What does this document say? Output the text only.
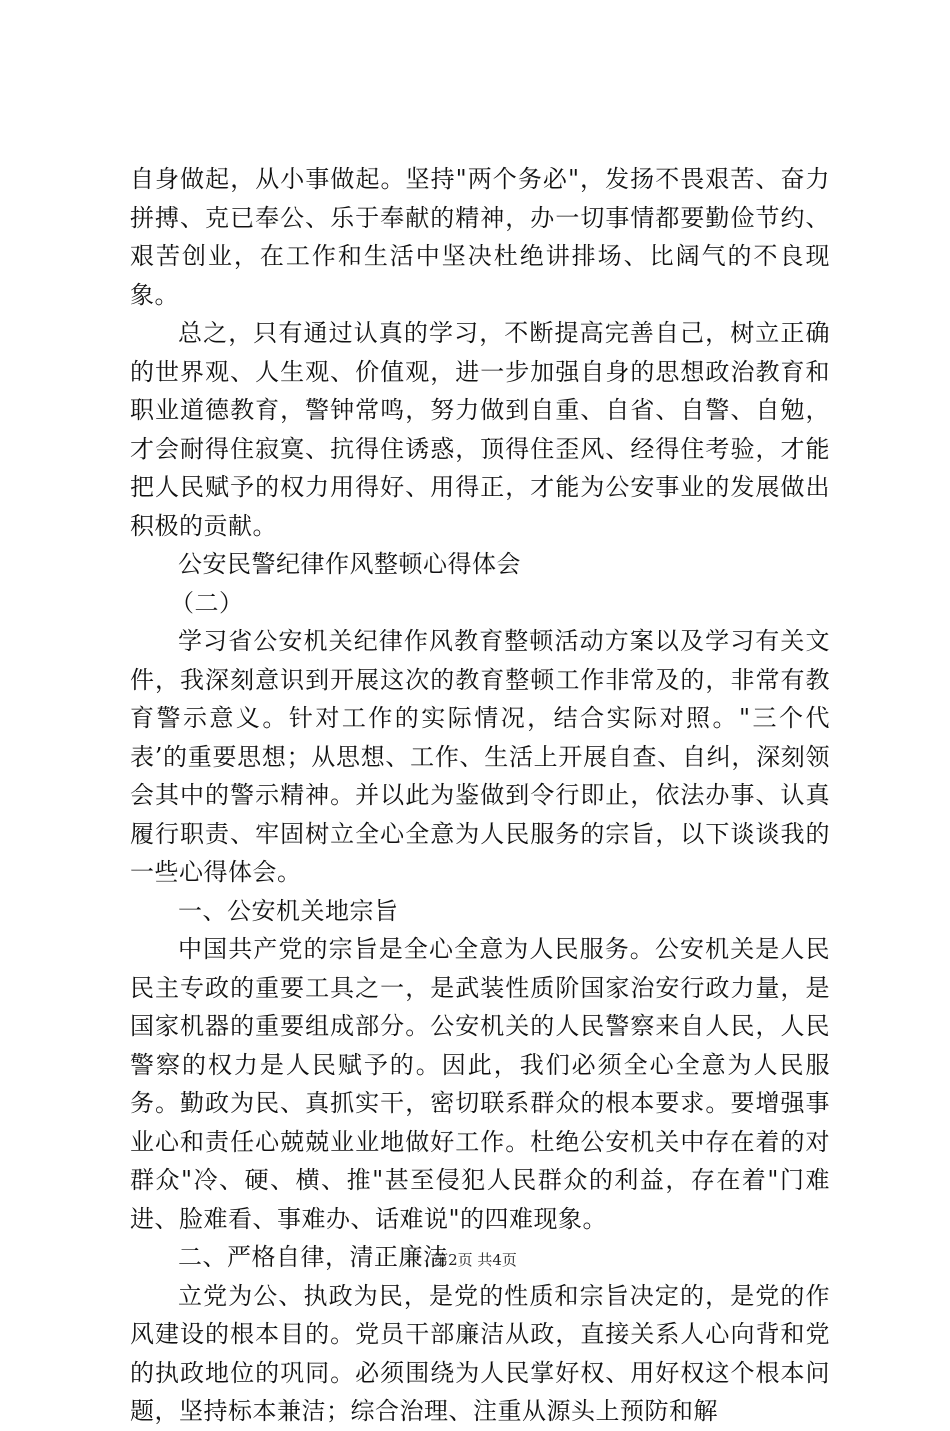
自身做起，从小事做起。坚持"两个务必"，发扬不畏艰苦、奋力拼搏、克已奉公、乐于奉献的精神，办一切事情都要勤俭节约、艰苦创业，在工作和生活中坚决杜绝讲排场、比阔气的不良现象。

总之，只有通过认真的学习，不断提高完善自己，树立正确的世界观、人生观、价值观，进一步加强自身的思想政治教育和职业道德教育，警钟常鸣，努力做到自重、自省、自警、自勉，才会耐得住寂寞、抗得住诱惑，顶得住歪风、经得住考验，才能把人民赋予的权力用得好、用得正，才能为公安事业的发展做出积极的贡献。

公安民警纪律作风整顿心得体会

（二）

学习省公安机关纪律作风教育整顿活动方案以及学习有关文件，我深刻意识到开展这次的教育整顿工作非常及的，非常有教育警示意义。针对工作的实际情况，结合实际对照。"三个代表’的重要思想；从思想、工作、生活上开展自查、自纠，深刻领会其中的警示精神。并以此为鉴做到令行即止，依法办事、认真履行职责、牢固树立全心全意为人民服务的宗旨，以下谈谈我的一些心得体会。

一、公安机关地宗旨

中国共产党的宗旨是全心全意为人民服务。公安机关是人民民主专政的重要工具之一，是武装性质阶国家治安行政力量，是国家机器的重要组成部分。公安机关的人民警察来自人民，人民警察的权力是人民赋予的。因此，我们必须全心全意为人民服务。勤政为民、真抓实干，密切联系群众的根本要求。要增强事业心和责任心兢兢业业地做好工作。杜绝公安机关中存在着的对群众"冷、硬、横、推"甚至侵犯人民群众的利益，存在着"门难进、脸难看、事难办、话难说"的四难现象。

二、严格自律，清正廉洁

立党为公、执政为民，是党的性质和宗旨决定的，是党的作风建设的根本目的。党员干部廉洁从政，直接关系人心向背和党的执政地位的巩同。必须围绕为人民掌好权、用好权这个根本问题，坚持标本兼洁；综合治理、注重从源头上预防和解

第2页 共4页
